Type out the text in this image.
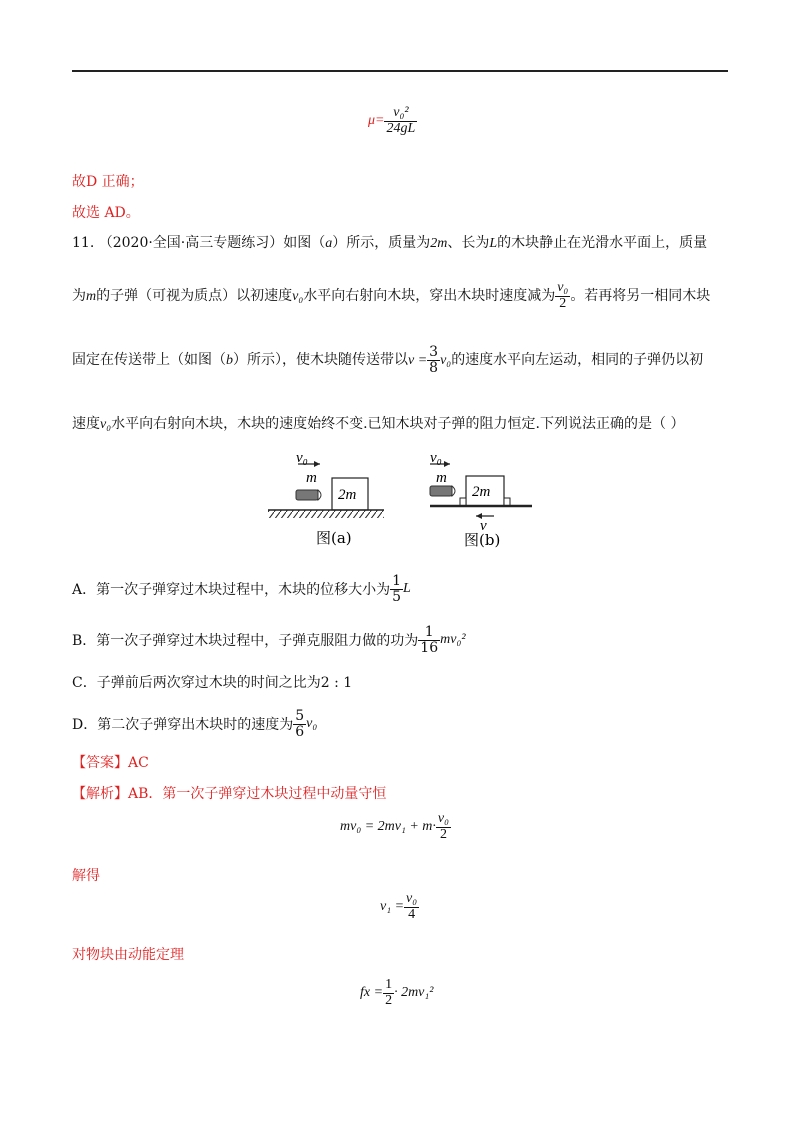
$\mu= \frac{\text{v₀²}}{24gL}$
故D 正确；
故选 AD。
11. （2020·全国·高三专题练习）如图（a）所示，质量为2m、长为L的木块静止在光滑水平面上，质量
为m的子弹（可视为质点）以初速度v₀水平向右射向木块，穿出木块时速度减为 $\frac{\text{v₀}}{2}$ 。若再将另一相同木块
固定在传送带上（如图（b）所示），使木块随传送带以$v = \frac{3}{8} v_0$的速度水平向左运动，相同的子弹仍以初
速度v₀水平向右射向木块，木块的速度始终不变.已知木块对子弹的阻力恒定.下列说法正确的是（ ）
v₀
m
2m
图(a)
v₀
m
2m
v
图(b)
A．第一次子弹穿过木块过程中，木块的位移大小为 $\frac{1}{5}$ L
B．第一次子弹穿过木块过程中，子弹克服阻力做的功为 $\frac{1}{16} mv_0^2$
C．子弹前后两次穿过木块的时间之比为2 : 1
D．第二次子弹穿出木块时的速度为 $\frac{5}{6} v_0$
【答案】AC
【解析】AB．第一次子弹穿过木块过程中动量守恒
$mv_0 = 2mv_1 + m\cdot \frac{\text{v₀}}{2}$
解得
$v_1 = \frac{\text{v₀}}{4}$
对物块由动能定理
fx = $\frac{1}{2} \cdot 2mv_1^2$
